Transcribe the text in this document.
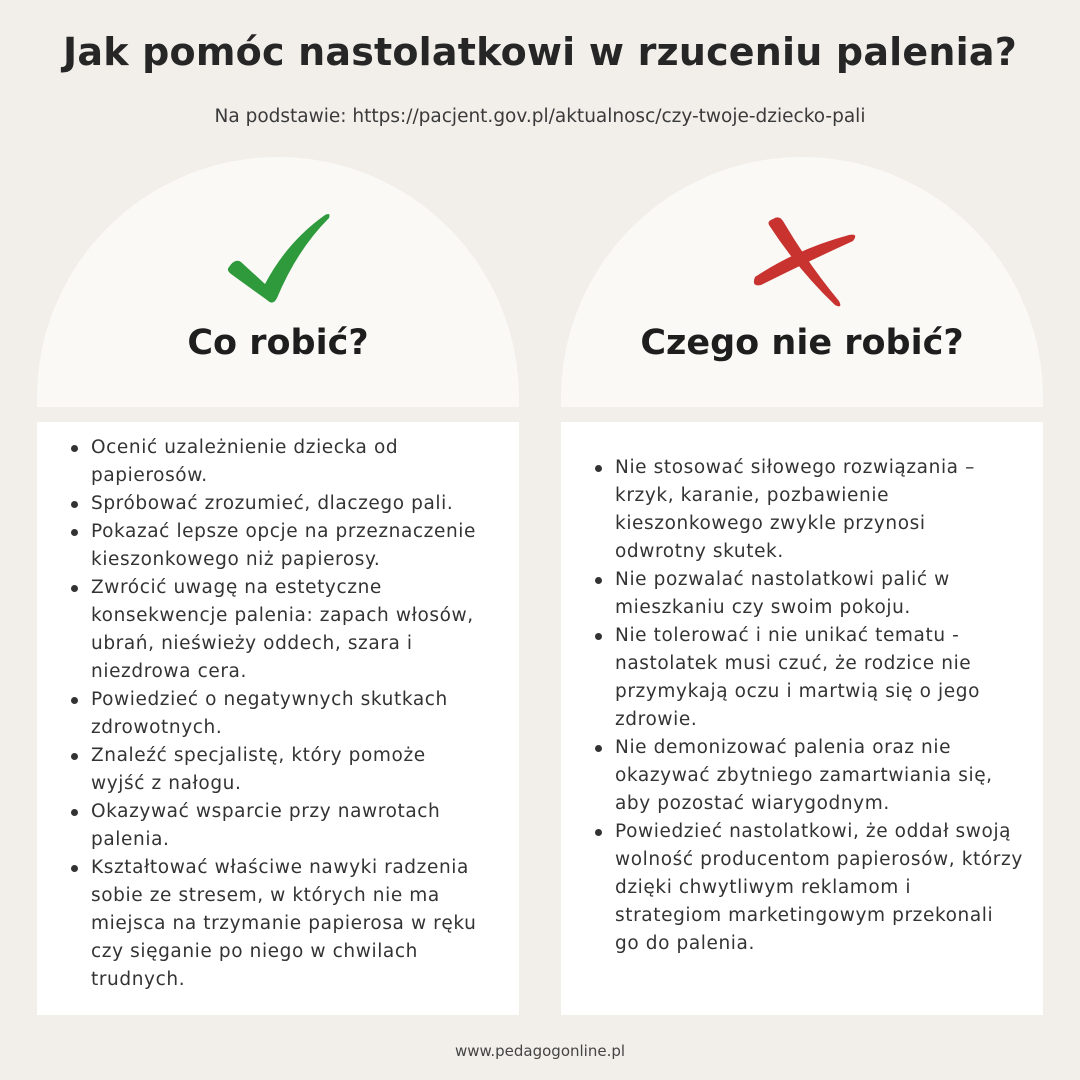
Jak pomóc nastolatkowi w rzuceniu palenia?
Na podstawie: https://pacjent.gov.pl/aktualnosc/czy-twoje-dziecko-pali
Co robić?	Czego nie robić?
Ocenić uzależnienie dziecka od papierosów.
Spróbować zrozumieć, dlaczego pali.
Pokazać lepsze opcje na przeznaczenie kieszonkowego niż papierosy.
Zwrócić uwagę na estetyczne konsekwencje palenia: zapach włosów, ubrań, nieświeży oddech, szara i niezdrowa cera.
Powiedzieć o negatywnych skutkach zdrowotnych.
Znaleźć specjalistę, który pomoże wyjść z nałogu.
Okazywać wsparcie przy nawrotach palenia.
Kształtować właściwe nawyki radzenia sobie ze stresem, w których nie ma miejsca na trzymanie papierosa w ręku czy sięganie po niego w chwilach trudnych.
Nie stosować siłowego rozwiązania – krzyk, karanie, pozbawienie kieszonkowego zwykle przynosi odwrotny skutek.
Nie pozwalać nastolatkowi palić w mieszkaniu czy swoim pokoju.
Nie tolerować i nie unikać tematu - nastolatek musi czuć, że rodzice nie przymykają oczu i martwią się o jego zdrowie.
Nie demonizować palenia oraz nie okazywać zbytniego zamartwiania się, aby pozostać wiarygodnym.
Powiedzieć nastolatkowi, że oddał swoją wolność producentom papierosów, którzy dzięki chwytliwym reklamom i strategiom marketingowym przekonali go do palenia.
www.pedagogonline.pl
